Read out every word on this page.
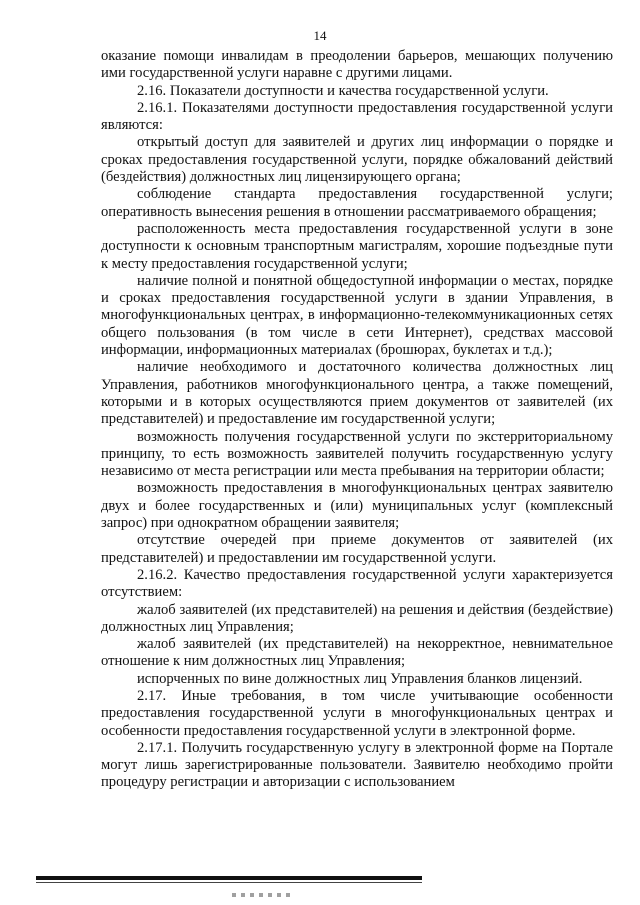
14

оказание помощи инвалидам в преодолении барьеров, мешающих получению ими государственной услуги наравне с другими лицами.

2.16. Показатели доступности и качества государственной услуги.

2.16.1. Показателями доступности предоставления государственной услуги являются:

открытый доступ для заявителей и других лиц информации о порядке и сроках предоставления государственной услуги, порядке обжалований действий (бездействия) должностных лиц лицензирующего органа;

соблюдение стандарта предоставления государственной услуги; оперативность вынесения решения в отношении рассматриваемого обращения;

расположенность места предоставления государственной услуги в зоне доступности к основным транспортным магистралям, хорошие подъездные пути к месту предоставления государственной услуги;

наличие полной и понятной общедоступной информации о местах, порядке и сроках предоставления государственной услуги в здании Управления, в многофункциональных центрах, в информационно-телекоммуникационных сетях общего пользования (в том числе в сети Интернет), средствах массовой информации, информационных материалах (брошюрах, буклетах и т.д.);

наличие необходимого и достаточного количества должностных лиц Управления, работников многофункционального центра, а также помещений, которыми и в которых осуществляются прием документов от заявителей (их представителей) и предоставление им государственной услуги;

возможность получения государственной услуги по экстерриториальному принципу, то есть возможность заявителей получить государственную услугу независимо от места регистрации или места пребывания на территории области;

возможность предоставления в многофункциональных центрах заявителю двух и более государственных и (или) муниципальных услуг (комплексный запрос) при однократном обращении заявителя;

отсутствие очередей при приеме документов от заявителей (их представителей) и предоставлении им государственной услуги.

2.16.2. Качество предоставления государственной услуги характеризуется отсутствием:

жалоб заявителей (их представителей) на решения и действия (бездействие) должностных лиц Управления;

жалоб заявителей (их представителей) на некорректное, невнимательное отношение к ним должностных лиц Управления;

испорченных по вине должностных лиц Управления бланков лицензий.

2.17. Иные требования, в том числе учитывающие особенности предоставления государственной услуги в многофункциональных центрах и особенности предоставления государственной услуги в электронной форме.

2.17.1. Получить государственную услугу в электронной форме на Портале могут лишь зарегистрированные пользователи. Заявителю необходимо пройти процедуру регистрации и авторизации с использованием
